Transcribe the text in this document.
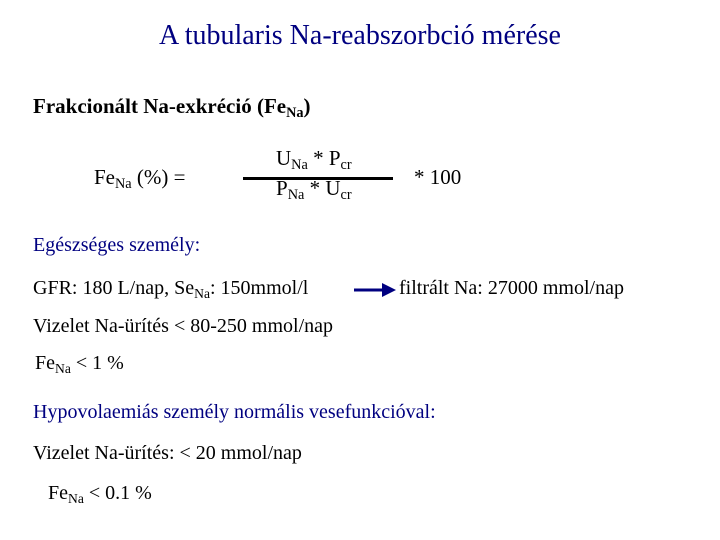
A tubularis Na-reabszorbció mérése
Frakcionált Na-exkréció $(Fe_{Na})$
$Fe_{Na}$ (%) =
$U_{Na} * P_{cr}$
$P_{Na} * U_{cr}$
* 100
Egészséges személy:
GFR: 180 L/nap, $Se_{Na}$: 150mmol/l	filtrált Na: 27000 mmol/nap
Vizelet Na-ürítés < 80-250 mmol/nap
$Fe_{Na} < 1$ %
Hypovolaemiás személy normális vesefunkcióval:
Vizelet Na-ürítés: < 20 mmol/nap
$Fe_{Na} < 0.1$ %
